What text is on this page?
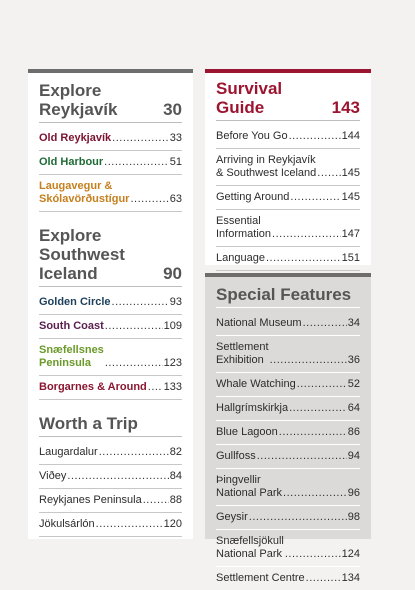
Explore
Reykjavík	30
Old Reykjavík .....	33
Old Harbour .....	51
Laugavegur &
Skólavörðustígur .....	63
Explore
Southwest
Iceland	90
Golden Circle .....	93
South Coast .....	109
Snæfellsnes
Peninsula .....	123
Borgarnes & Around ..... 133
Worth a Trip
Laugardalur .....	82
Viðey .....	84
Reykjanes Peninsula .....	88
Jökulsárlón .....	120
Survival
Guide	143
Before You Go .....	144
Arriving in Reykjavík
& Southwest Iceland ..... 145
Getting Around .....	145
Essential
Information .....	147
Language .....	151
.....
Special Features
National Museum .....	34
Settlement
Exhibition .....	36
Whale Watching .....	52
Hallgrímskirkja .....	64
Blue Lagoon .....	86
Gullfoss .....	94
Þingvellir
National Park .....	96
Geysir .....	98
Snæfellsjökull
National Park .....	124
Settlement Centre .....	134
